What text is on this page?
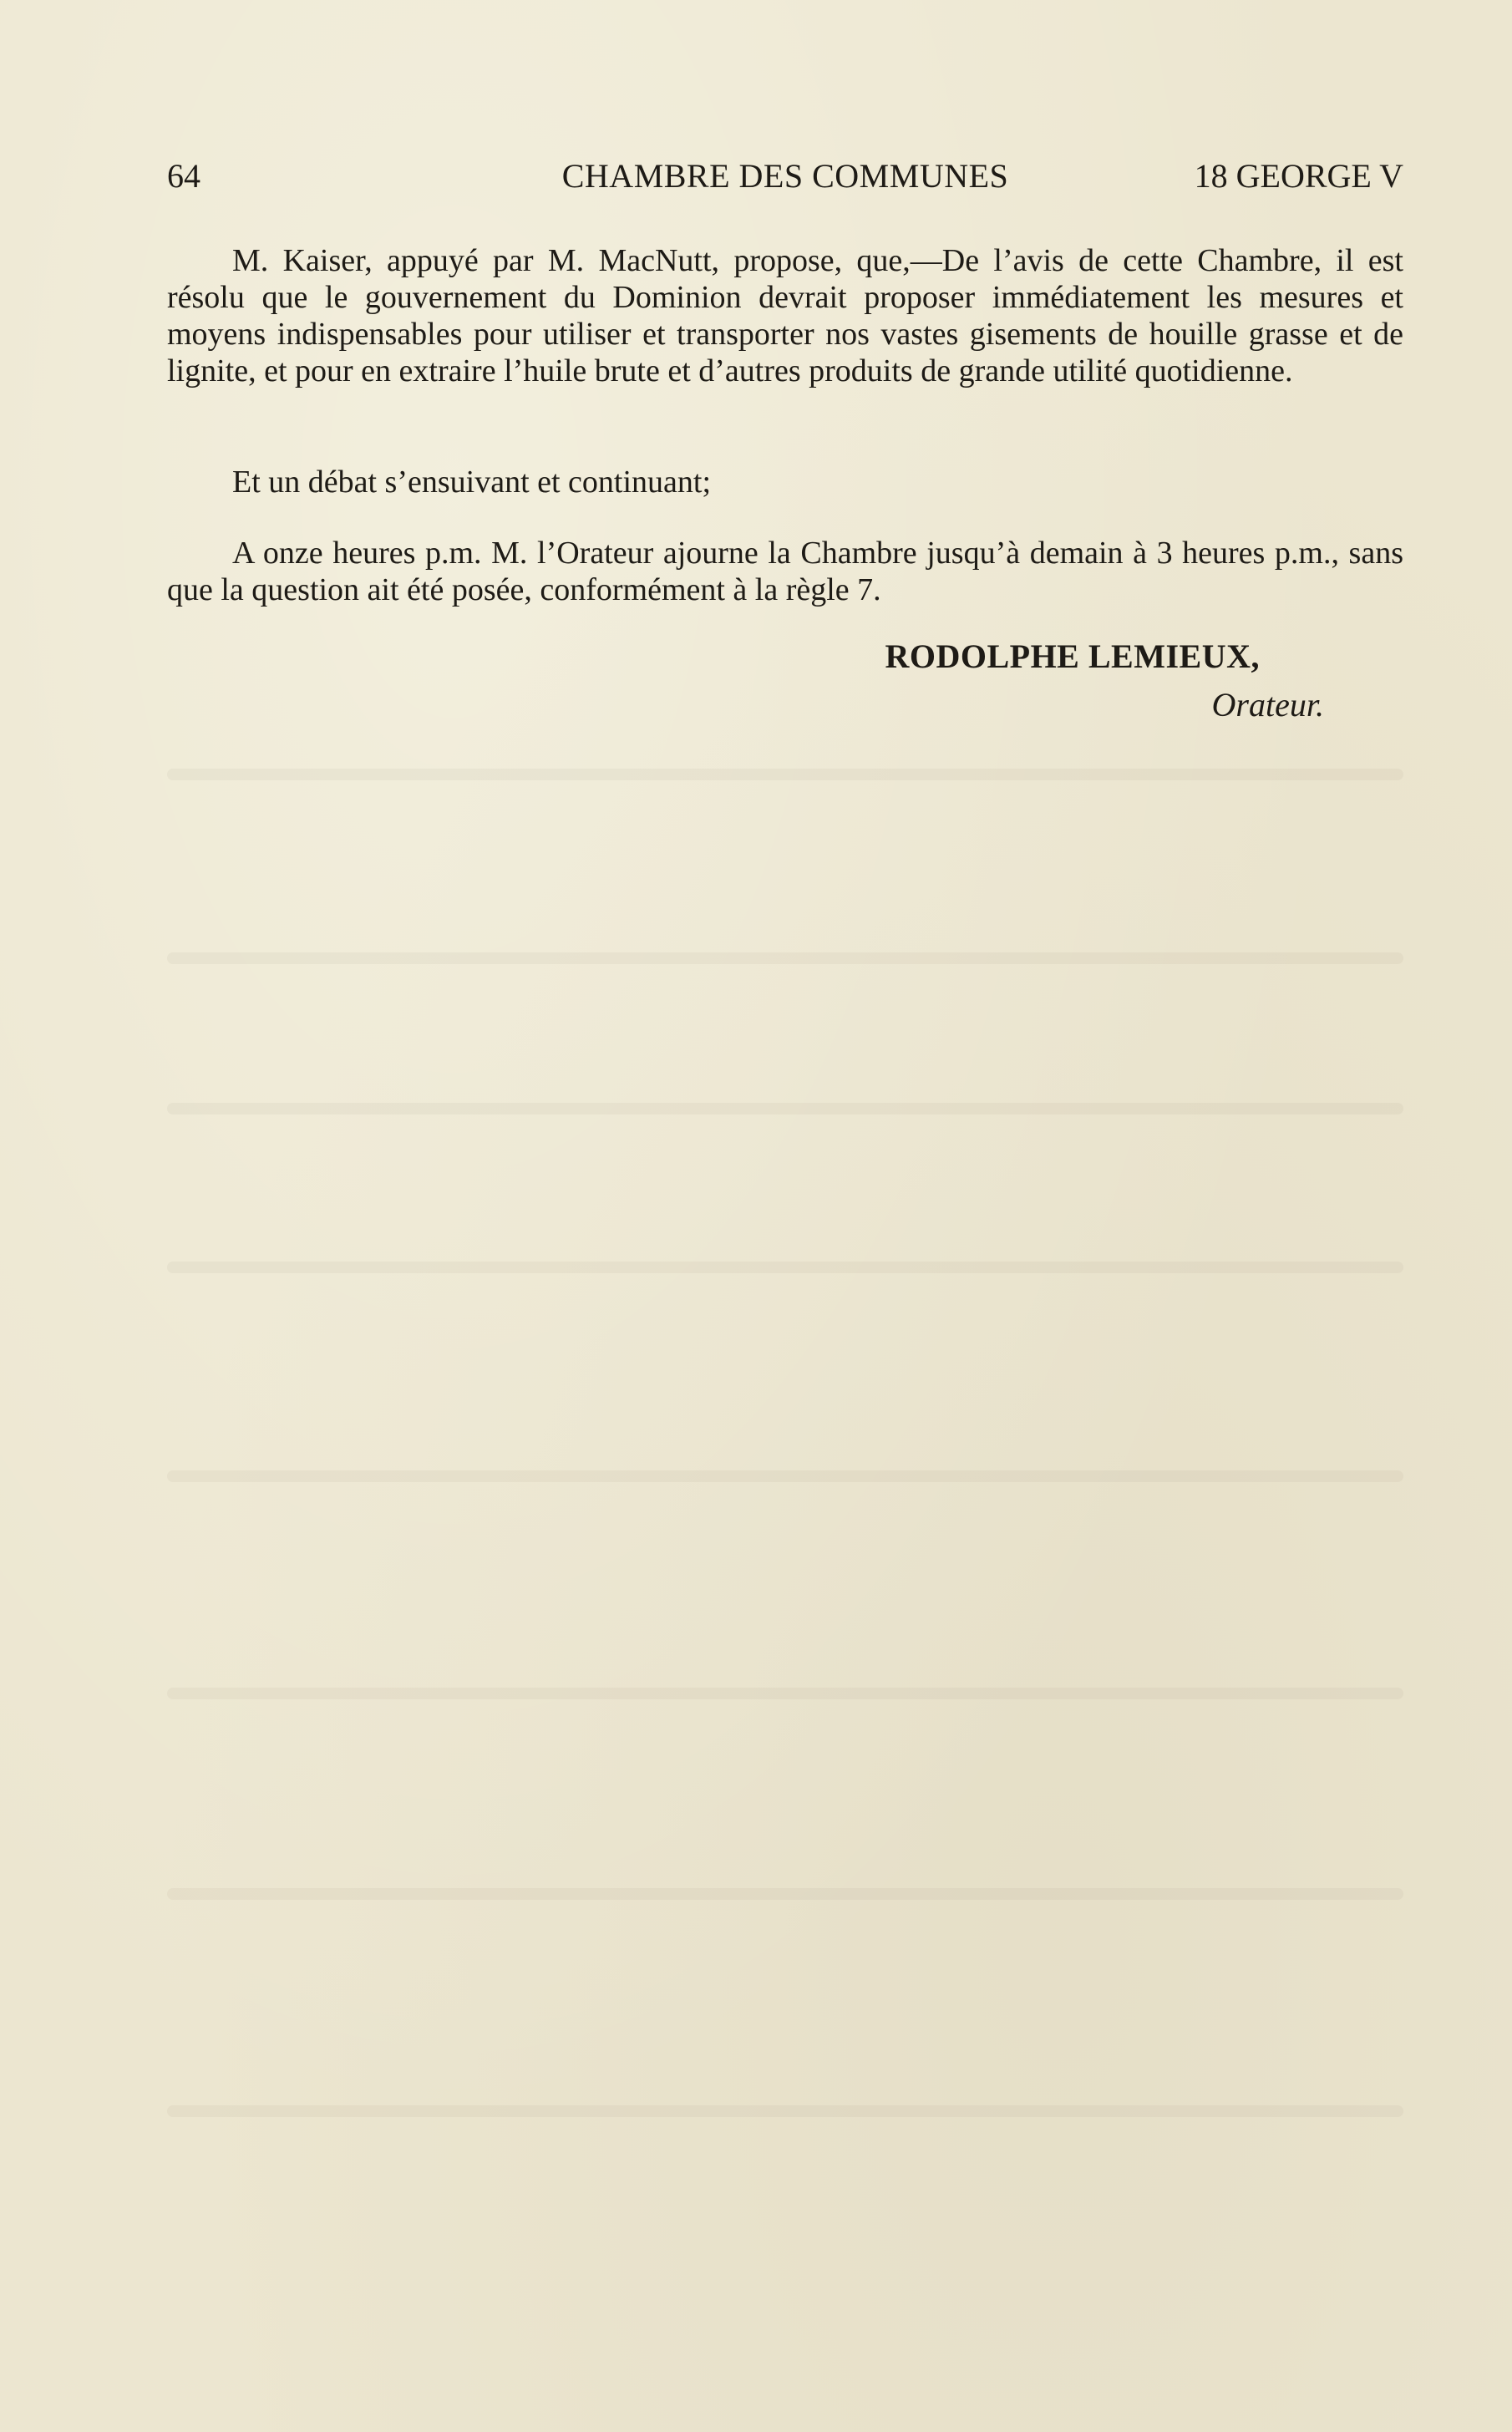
64	CHAMBRE DES COMMUNES	18 GEORGE V

M. Kaiser, appuyé par M. MacNutt, propose, que,—De l’avis de cette Chambre, il est résolu que le gouvernement du Dominion devrait proposer immédiatement les mesures et moyens indispensables pour utiliser et transporter nos vastes gisements de houille grasse et de lignite, et pour en extraire l’huile brute et d’autres produits de grande utilité quotidienne.

Et un débat s’ensuivant et continuant;

A onze heures p.m. M. l’Orateur ajourne la Chambre jusqu’à demain à 3 heures p.m., sans que la question ait été posée, conformément à la règle 7.

RODOLPHE LEMIEUX,
Orateur.
